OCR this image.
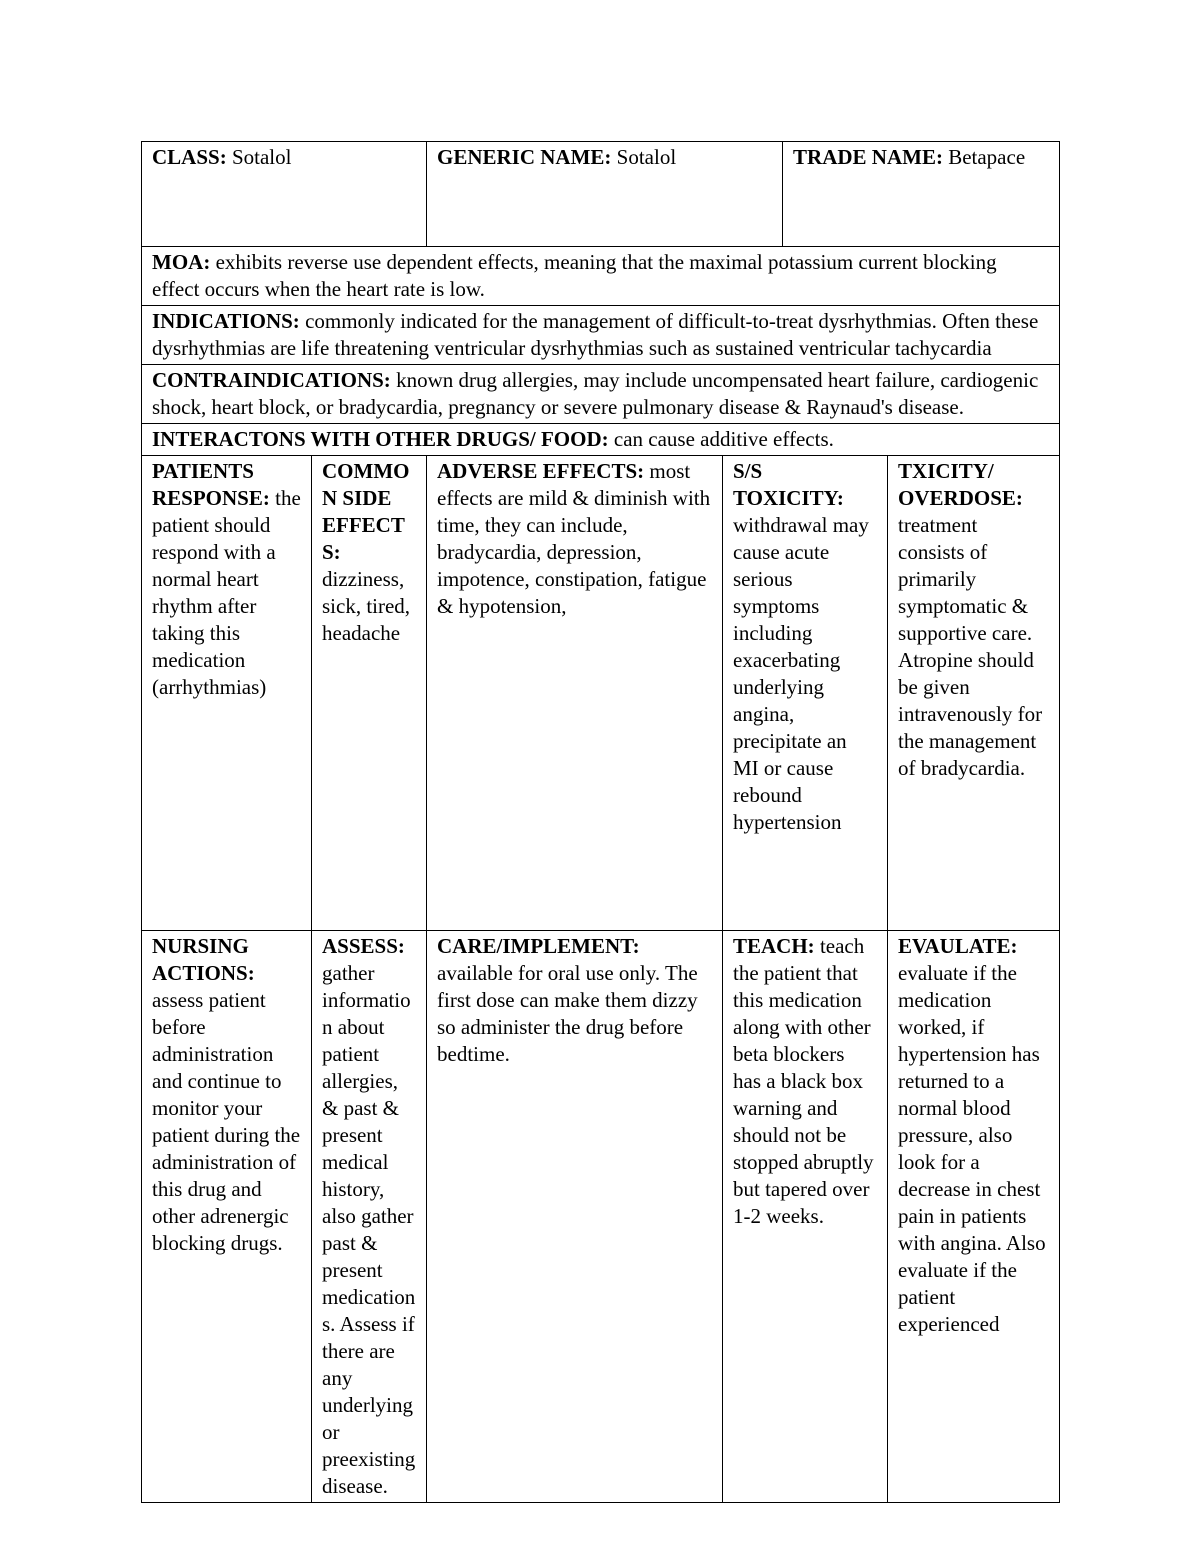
CLASS: Sotalol		GENERIC NAME: Sotalol		TRADE NAME: Betapace	
MOA: exhibits reverse use dependent effects, meaning that the maximal potassium current blocking effect occurs when the heart rate is low.					
INDICATIONS: commonly indicated for the management of difficult-to-treat dysrhythmias. Often these dysrhythmias are life threatening ventricular dysrhythmias such as sustained ventricular tachycardia					
CONTRAINDICATIONS: known drug allergies, may include uncompensated heart failure, cardiogenic shock, heart block, or bradycardia, pregnancy or severe pulmonary disease & Raynaud's disease.					
INTERACTONS WITH OTHER DRUGS/ FOOD: can cause additive effects.					
PATIENTS RESPONSE: the patient should respond with a normal heart rhythm after taking this medication (arrhythmias)	COMMON SIDE EFFECTS: dizziness, sick, tired, headache	ADVERSE EFFECTS: most effects are mild & diminish with time, they can include, bradycardia, depression, impotence, constipation, fatigue & hypotension,	S/S TOXICITY: withdrawal may cause acute serious symptoms including exacerbating underlying angina, precipitate an MI or cause rebound hypertension		TXICITY/ OVERDOSE: treatment consists of primarily symptomatic & supportive care. Atropine should be given intravenously for the management of bradycardia.
NURSING ACTIONS: assess patient before administration and continue to monitor your patient during the administration of this drug and other adrenergic blocking drugs.	ASSESS: gather information about patient allergies, & past & present medical history, also gather past & present medications. Assess if there are any underlying or preexisting disease.	CARE/IMPLEMENT: available for oral use only. The first dose can make them dizzy so administer the drug before bedtime.	TEACH: teach the patient that this medication along with other beta blockers has a black box warning and should not be stopped abruptly but tapered over 1-2 weeks.		EVAULATE: evaluate if the medication worked, if hypertension has returned to a normal blood pressure, also look for a decrease in chest pain in patients with angina. Also evaluate if the patient experienced
